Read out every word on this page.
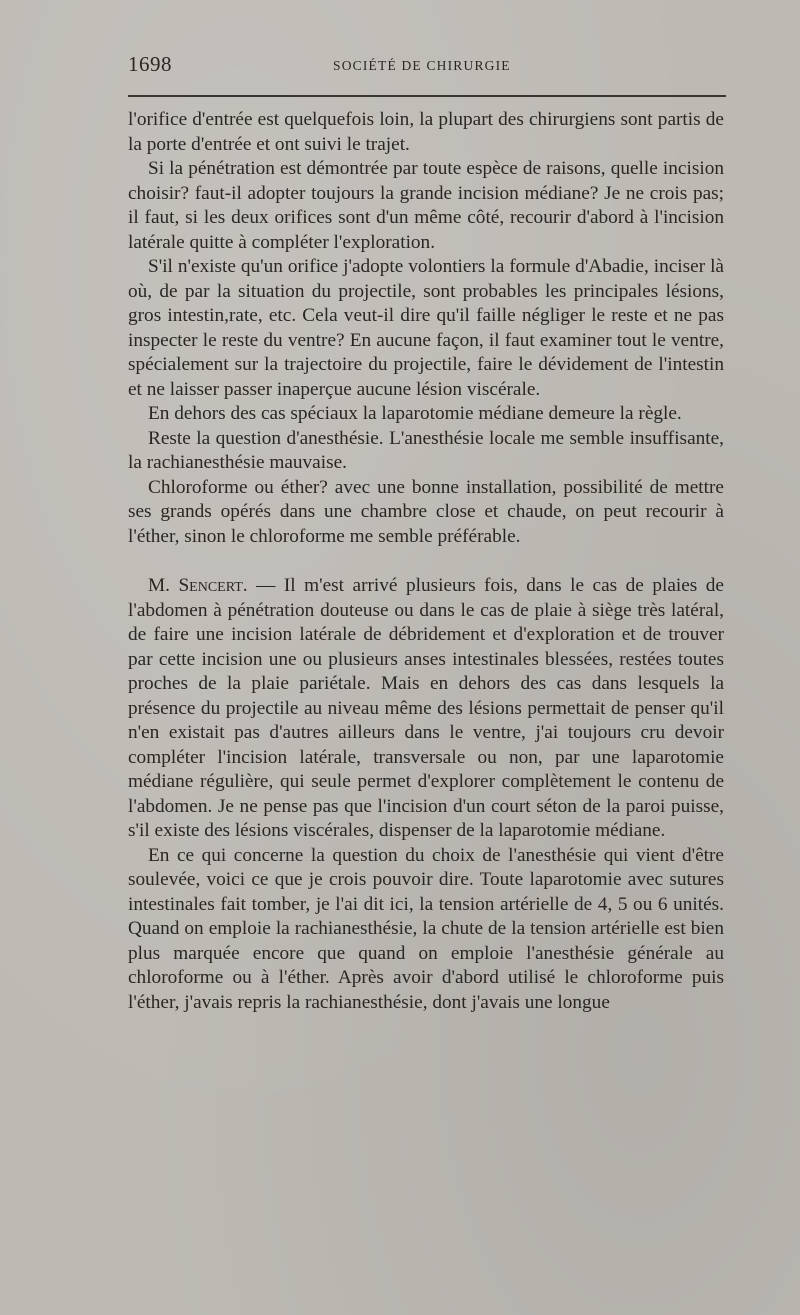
1698	SOCIÉTÉ DE CHIRURGIE

l'orifice d'entrée est quelquefois loin, la plupart des chirurgiens sont partis de la porte d'entrée et ont suivi le trajet.

Si la pénétration est démontrée par toute espèce de raisons, quelle incision choisir? faut-il adopter toujours la grande incision médiane? Je ne crois pas; il faut, si les deux orifices sont d'un même côté, recourir d'abord à l'incision latérale quitte à compléter l'exploration.

S'il n'existe qu'un orifice j'adopte volontiers la formule d'Abadie, inciser là où, de par la situation du projectile, sont probables les principales lésions, gros intestin,rate, etc. Cela veut-il dire qu'il faille négliger le reste et ne pas inspecter le reste du ventre? En aucune façon, il faut examiner tout le ventre, spécialement sur la trajectoire du projectile, faire le dévidement de l'intestin et ne laisser passer inaperçue aucune lésion viscérale.

En dehors des cas spéciaux la laparotomie médiane demeure la règle.

Reste la question d'anesthésie. L'anesthésie locale me semble insuffisante, la rachianesthésie mauvaise.

Chloroforme ou éther? avec une bonne installation, possibilité de mettre ses grands opérés dans une chambre close et chaude, on peut recourir à l'éther, sinon le chloroforme me semble préférable.

M. Sencert. — Il m'est arrivé plusieurs fois, dans le cas de plaies de l'abdomen à pénétration douteuse ou dans le cas de plaie à siège très latéral, de faire une incision latérale de débridement et d'exploration et de trouver par cette incision une ou plusieurs anses intestinales blessées, restées toutes proches de la plaie pariétale. Mais en dehors des cas dans lesquels la présence du projectile au niveau même des lésions permettait de penser qu'il n'en existait pas d'autres ailleurs dans le ventre, j'ai toujours cru devoir compléter l'incision latérale, transversale ou non, par une laparotomie médiane régulière, qui seule permet d'explorer complètement le contenu de l'abdomen. Je ne pense pas que l'incision d'un court séton de la paroi puisse, s'il existe des lésions viscérales, dispenser de la laparotomie médiane.

En ce qui concerne la question du choix de l'anesthésie qui vient d'être soulevée, voici ce que je crois pouvoir dire. Toute laparotomie avec sutures intestinales fait tomber, je l'ai dit ici, la tension artérielle de 4, 5 ou 6 unités. Quand on emploie la rachianesthésie, la chute de la tension artérielle est bien plus marquée encore que quand on emploie l'anesthésie générale au chloroforme ou à l'éther. Après avoir d'abord utilisé le chloroforme puis l'éther, j'avais repris la rachianesthésie, dont j'avais une longue
